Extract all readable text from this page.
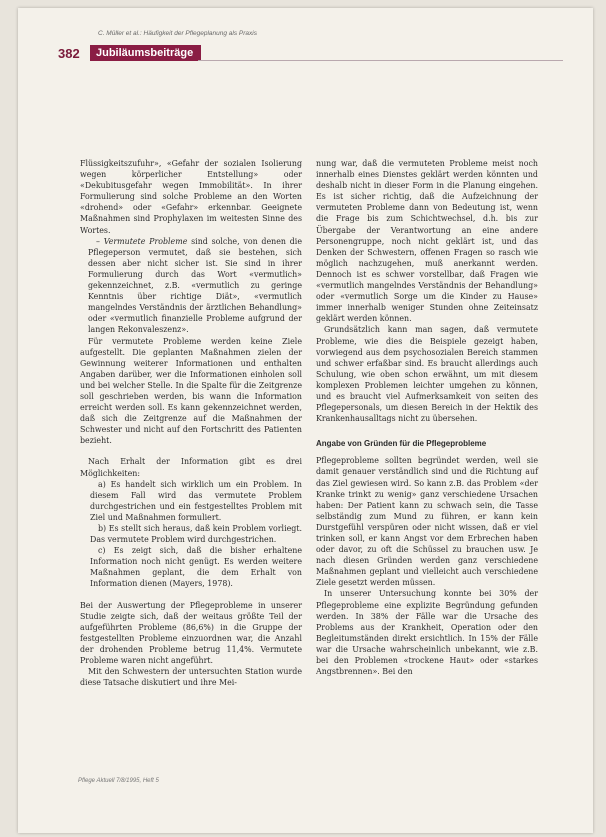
C. Müller et al.: Häufigkeit der Pflegeplanung als Praxis
382	Jubiläumsbeiträge

Flüssigkeitszufuhr», «Gefahr der sozialen Isolierung wegen körperlicher Entstellung» oder «Dekubitusgefahr wegen Immobilität». In ihrer Formulierung sind solche Probleme an den Worten «drohend» oder «Gefahr» erkennbar. Geeignete Maßnahmen sind Prophylaxen im weitesten Sinne des Wortes.

– Vermutete Probleme sind solche, von denen die Pflegeperson vermutet, daß sie bestehen, sich dessen aber nicht sicher ist. Sie sind in ihrer Formulierung durch das Wort «vermutlich» gekennzeichnet, z.B. «vermutlich zu geringe Kenntnis über richtige Diät», «vermutlich mangelndes Verständnis der ärztlichen Behandlung» oder «vermutlich finanzielle Probleme aufgrund der langen Rekonvaleszenz».

Für vermutete Probleme werden keine Ziele aufgestellt. Die geplanten Maßnahmen zielen der Gewinnung weiterer Informationen und enthalten Angaben darüber, wer die Informationen einholen soll und bei welcher Stelle. In die Spalte für die Zeitgrenze soll geschrieben werden, bis wann die Information erreicht werden soll. Es kann gekennzeichnet werden, daß sich die Zeitgrenze auf die Maßnahmen der Schwester und nicht auf den Fortschritt des Patienten bezieht.

Nach Erhalt der Information gibt es drei Möglichkeiten:

a) Es handelt sich wirklich um ein Problem. In diesem Fall wird das vermutete Problem durchgestrichen und ein festgestelltes Problem mit Ziel und Maßnahmen formuliert.

b) Es stellt sich heraus, daß kein Problem vorliegt. Das vermutete Problem wird durchgestrichen.

c) Es zeigt sich, daß die bisher erhaltene Information noch nicht genügt. Es werden weitere Maßnahmen geplant, die dem Erhalt von Information dienen (Mayers, 1978).

Bei der Auswertung der Pflegeprobleme in unserer Studie zeigte sich, daß der weitaus größte Teil der aufgeführten Probleme (86,6%) in die Gruppe der festgestellten Probleme einzuordnen war, die Anzahl der drohenden Probleme betrug 11,4%. Vermutete Probleme waren nicht angeführt.

Mit den Schwestern der untersuchten Station wurde diese Tatsache diskutiert und ihre Mei-

nung war, daß die vermuteten Probleme meist noch innerhalb eines Dienstes geklärt werden könnten und deshalb nicht in dieser Form in die Planung eingehen. Es ist sicher richtig, daß die Aufzeichnung der vermuteten Probleme dann von Bedeutung ist, wenn die Frage bis zum Schichtwechsel, d.h. bis zur Übergabe der Verantwortung an eine andere Personengruppe, noch nicht geklärt ist, und das Denken der Schwestern, offenen Fragen so rasch wie möglich nachzugehen, muß anerkannt werden. Dennoch ist es schwer vorstellbar, daß Fragen wie «vermutlich mangelndes Verständnis der Behandlung» oder «vermutlich Sorge um die Kinder zu Hause» immer innerhalb weniger Stunden ohne Zeiteinsatz geklärt werden können.

Grundsätzlich kann man sagen, daß vermutete Probleme, wie dies die Beispiele gezeigt haben, vorwiegend aus dem psychosozialen Bereich stammen und schwer erfaßbar sind. Es braucht allerdings auch Schulung, wie oben schon erwähnt, um mit diesem komplexen Problemen leichter umgehen zu können, und es braucht viel Aufmerksamkeit von seiten des Pflegepersonals, um diesen Bereich in der Hektik des Krankenhausalltags nicht zu übersehen.

Angabe von Gründen für die Pflegeprobleme

Pflegeprobleme sollten begründet werden, weil sie damit genauer verständlich sind und die Richtung auf das Ziel gewiesen wird. So kann z.B. das Problem «der Kranke trinkt zu wenig» ganz verschiedene Ursachen haben: Der Patient kann zu schwach sein, die Tasse selbständig zum Mund zu führen, er kann kein Durstgefühl verspüren oder nicht wissen, daß er viel trinken soll, er kann Angst vor dem Erbrechen haben oder davor, zu oft die Schüssel zu brauchen usw. Je nach diesen Gründen werden ganz verschiedene Maßnahmen geplant und vielleicht auch verschiedene Ziele gesetzt werden müssen.

In unserer Untersuchung konnte bei 30% der Pflegeprobleme eine explizite Begründung gefunden werden. In 38% der Fälle war die Ursache des Problems aus der Krankheit, Operation oder den Begleitumständen direkt ersichtlich. In 15% der Fälle war die Ursache wahrscheinlich unbekannt, wie z.B. bei den Problemen «trockene Haut» oder «starkes Angstbrennen». Bei den

Pflege Aktuell 7/8/1995, Heft 5
